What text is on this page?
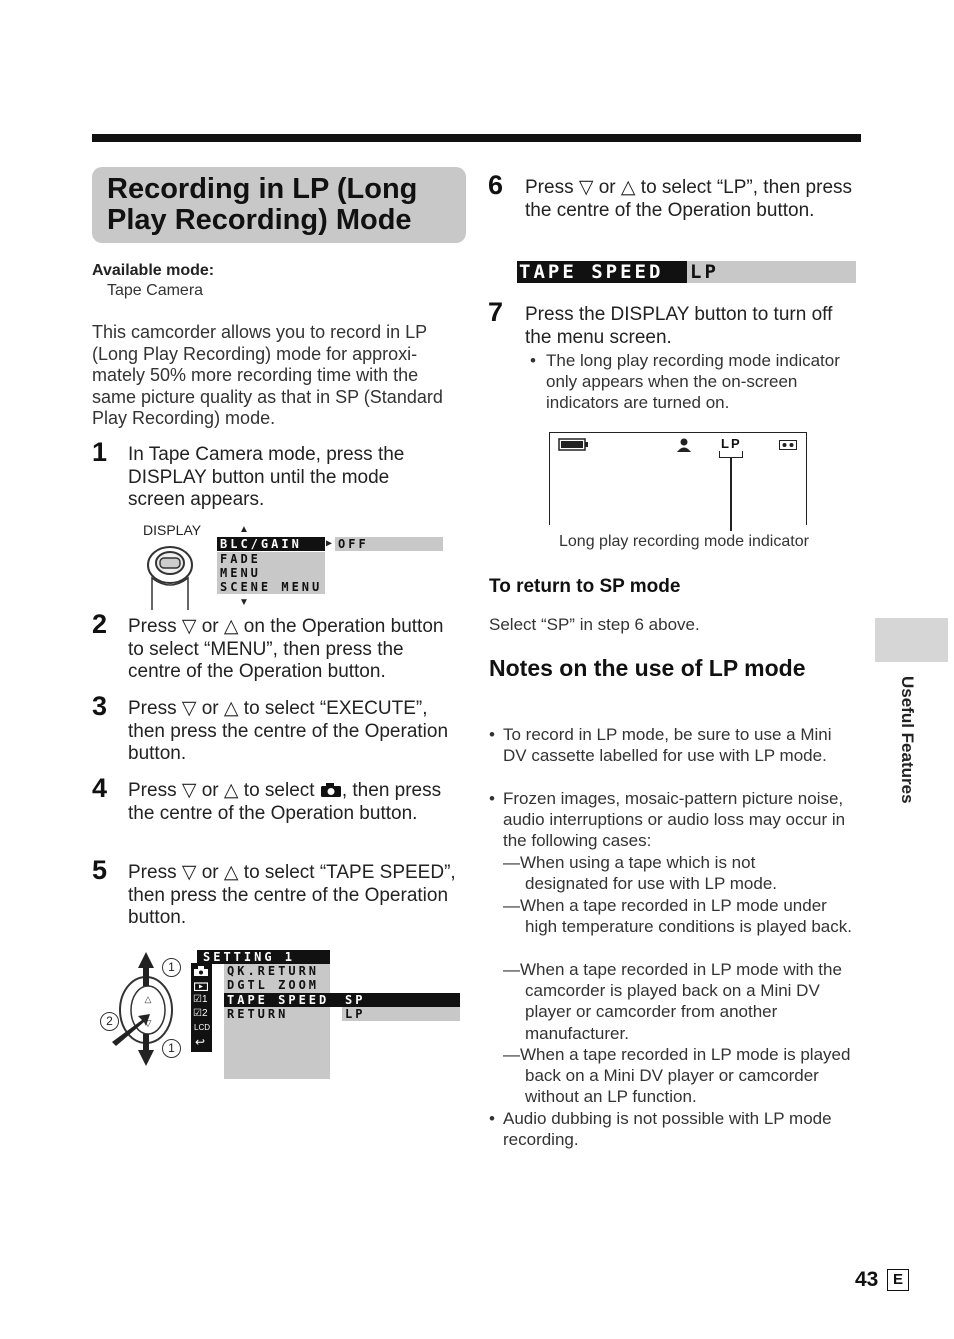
Recording in LP (Long Play Recording) Mode
Available mode:
Tape Camera
This camcorder allows you to record in LP (Long Play Recording) mode for approxi- mately 50% more recording time with the same picture quality as that in SP (Standard Play Recording) mode.
1 In Tape Camera mode, press the DISPLAY button until the mode screen appears.
DISPLAY	▲
BLC/GAIN
FADE
MENU
SCENE MENU
▶ OFF
▼
2 Press ▽ or △ on the Operation button to select “MENU”, then press the centre of the Operation button.
3 Press ▽ or △ to select “EXECUTE”, then press the centre of the Operation button.
4 Press ▽ or △ to select , then press the centre of the Operation button.
5 Press ▽ or △ to select “TAPE SPEED”, then press the centre of the Operation button.
△
▽
1
2
1
☑1
☑2
LCD
↩
SETTING 1
QK.RETURN
DGTL ZOOM
TAPE SPEED
RETURN
SP
LP
6 Press ▽ or △ to select “LP”, then press the centre of the Operation button.
TAPE SPEED	LP
7 Press the DISPLAY button to turn off the menu screen.
• The long play recording mode indicator only appears when the on-screen indicators are turned on.
LP
Long play recording mode indicator
To return to SP mode
Select “SP” in step 6 above.
Notes on the use of LP mode
• To record in LP mode, be sure to use a Mini DV cassette labelled for use with LP mode.
• Frozen images, mosaic-pattern picture noise, audio interruptions or audio loss may occur in the following cases:
—When using a tape which is not designated for use with LP mode.
—When a tape recorded in LP mode under high temperature conditions is played back.
—When a tape recorded in LP mode with the camcorder is played back on a Mini DV player or camcorder from another manufacturer.
—When a tape recorded in LP mode is played back on a Mini DV player or camcorder without an LP function.
• Audio dubbing is not possible with LP mode recording.
Useful Features
43 E
